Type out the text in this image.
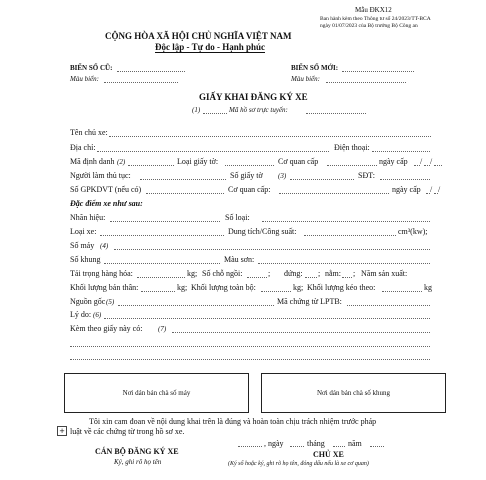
Mẫu ĐKX12
Ban hành kèm theo Thông tư số 24/2023/TT-BCA
ngày 01/07/2023 của Bộ trưởng Bộ Công an
CỘNG HÒA XÃ HỘI CHỦ NGHĨA VIỆT NAM
Độc lập - Tự do - Hạnh phúc
BIỂN SỐ CŨ:
Màu biển:
BIỂN SỐ MỚI:
Màu biển:
GIẤY KHAI ĐĂNG KÝ XE
(1)	Mã hồ sơ trực tuyến:
Tên chủ xe:
Địa chỉ:	Điện thoại:
Mã định danh (2)	Loại giấy tờ:	Cơ quan cấp	ngày cấp / /
Người làm thủ tục:	Số giấy tờ (3)	SĐT:
Số GPKDVT (nếu có)	Cơ quan cấp:	ngày cấp / /
Đặc điểm xe như sau:
Nhãn hiệu:	Số loại:
Loại xe:	Dung tích/Công suất:	cm³(kw);
Số máy (4)
Số khung	Màu sơn:
Tải trọng hàng hóa:	kg; Số chỗ ngồi:	; đứng: ; nằm: ; Năm sản xuất:
Khối lượng bản thân:	kg; Khối lượng toàn bộ:	kg; Khối lượng kéo theo:	kg
Nguồn gốc (5)	Mã chứng từ LPTB:
Lý do: (6)
Kèm theo giấy này có: (7)
Nơi dán bản chà số máy	Nơi dán bản chà số khung
Tôi xin cam đoan về nội dung khai trên là đúng và hoàn toàn chịu trách nhiệm trước pháp
+ luật về các chứng từ trong hồ sơ xe.
CÁN BỘ ĐĂNG KÝ XE
Ký, ghi rõ họ tên
, ngày	tháng	năm
CHỦ XE
(Ký số hoặc ký, ghi rõ họ tên, đóng dấu nếu là xe cơ quan)
